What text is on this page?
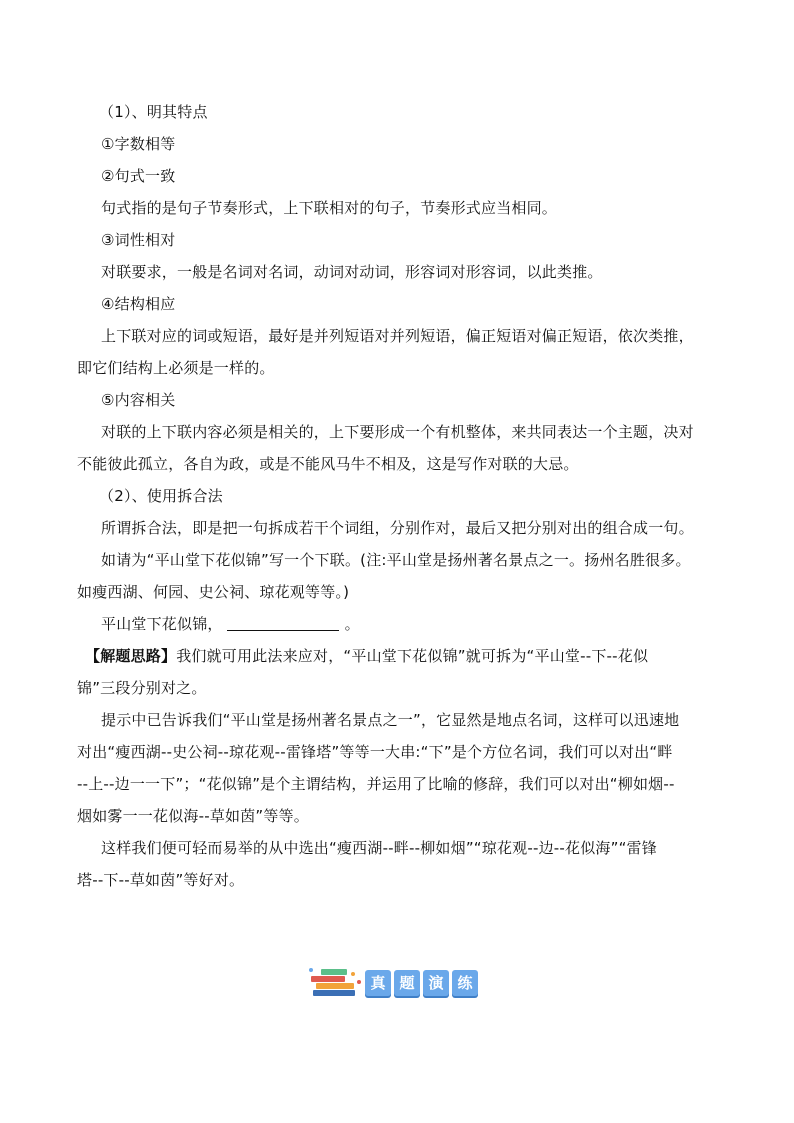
（1）、明其特点
①字数相等
②句式一致
句式指的是句子节奏形式，上下联相对的句子，节奏形式应当相同。
③词性相对
对联要求，一般是名词对名词，动词对动词，形容词对形容词，以此类推。
④结构相应
上下联对应的词或短语，最好是并列短语对并列短语，偏正短语对偏正短语，依次类推，
即它们结构上必须是一样的。
⑤内容相关
对联的上下联内容必须是相关的，上下要形成一个有机整体，来共同表达一个主题，决对
不能彼此孤立，各自为政，或是不能风马牛不相及，这是写作对联的大忌。
（2）、使用拆合法
所谓拆合法，即是把一句拆成若干个词组，分别作对，最后又把分别对出的组合成一句。
如请为“平山堂下花似锦”写一个下联。(注:平山堂是扬州著名景点之一。扬州名胜很多。
如瘦西湖、何园、史公祠、琼花观等等。)
平山堂下花似锦，	。
【解题思路】我们就可用此法来应对，“平山堂下花似锦”就可拆为“平山堂--下--花似
锦”三段分别对之。
提示中已告诉我们“平山堂是扬州著名景点之一”，它显然是地点名词，这样可以迅速地
对出“瘦西湖--史公祠--琼花观--雷锋塔”等等一大串:“下”是个方位名词，我们可以对出“畔
--上--边一一下”；“花似锦”是个主谓结构，并运用了比喻的修辞，我们可以对出“柳如烟--
烟如雾一一花似海--草如茵”等等。
这样我们便可轻而易举的从中选出“瘦西湖--畔--柳如烟”“琼花观--边--花似海”“雷锋
塔--下--草如茵”等好对。
真 题 演 练
